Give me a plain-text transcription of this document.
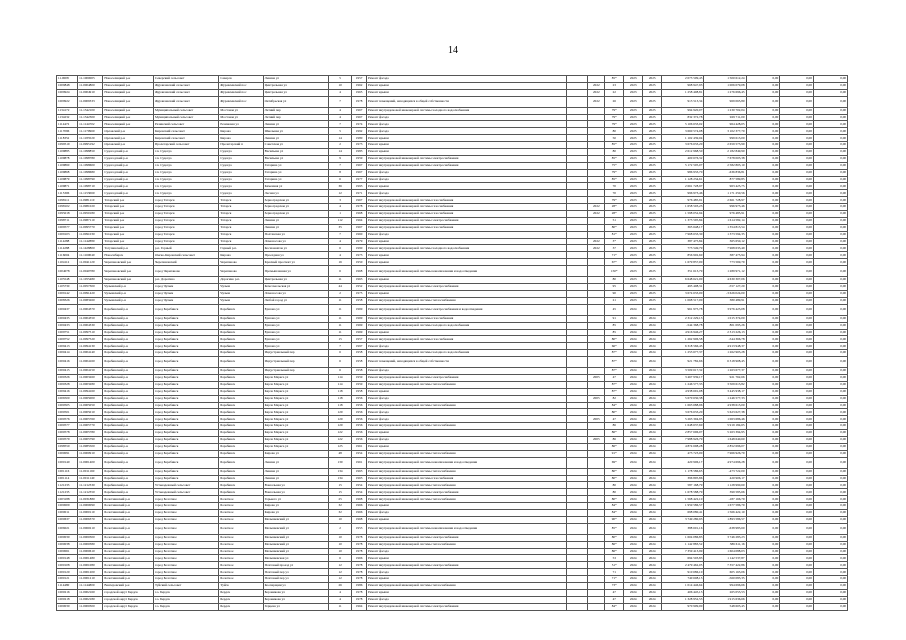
14
11.0008	11.1000005	Новоселицкий р-н	Северский сельсовет	Северск	Ленина ул	5	1957	Ремонт фасада			85*	2023	2025	2 073 509,45	1 500 612,24	0,00	0,00	0,00
1009848	11.0004800	Новоселицкий р-н	Журавлевский сельсовет	Журавлевский пос	Центральная ул	10	1962	Ремонт крыши		2022	23	2023	2025	968 947,93	1 006 079,08	0,00	0,00	0,00
1009924	11.0004910	Новоселицкий р-н	Журавлевский сельсовет	Журавлевский пос	Центральная ул	4	1965	Ремонт крыши		2022	22	2023	2025	1 258 408,81	1 276 696,45	0,00	0,00	0,00
1009922	11.0009333	Новоселицкий р-н	Журавлевский сельсовет	Журавлевский пос	Октябрьская ул	7	1978	Ремонт помещений, находящихся в общей собственности		2022	26	2023	2025	913 513,34	969 065,80	0,00	0,00	0,00
1134172	11.1342100	Новоселицкий р-н	Муниципальный сельсовет	Мостовая ул	Летний пер	4	1967	Ремонт внутридомовой инженерной системы холодного водоснабжения			79*	2023	2025	994 920,07	1 230 702,04	0,00	0,00	0,00
1134232	11.1342300	Новоселицкий р-н	Муниципальный сельсовет	Мостовая ул	Летний пер	4	1967	Ремонт фасада			79*	2023	2025	832 372,78	929 711,00	0,00	0,00	0,00
1114472	11.1144702	Новоселицкий р-н	Резинский сельсовет	Резиновая ул	Ленина ул	7	1974	Ремонт фасада			79*	2023	2025	5 106 633,02	964 428,05	0,00	0,00	0,00
1117096	11.1170960	Орловский р-н	Кировский сельсовет	Кирова	Школьная ул	5	1992	Ремонт фасада			80	2025	2025	3 660 574,08	3 102 377,70	0,00	0,00	0,00
1118352	11.1183520	Орловский р-н	Кировский сельсовет	Кирова	Ленина ул	14	1980	Ремонт крыши			50	2025	2025	1 102 439,04	999 613,00	0,00	0,00	0,00
1099519	11.0995192	Орловский р-н	Пролетарский сельсовет	Пролетарский п	Советская ул	2	1973	Ремонт крыши			85*	2023	2025	3 676 633,20	2 659 573,99	0,00	0,00	0,00
1109885	11.1098850	Судогодский р-н	г.п. Судогда	Судогда	Васильева ул	14	1983	Ремонт крыши			80	2023	2025	2 612 968,50	2 182 849,90	0,00	0,00	0,00
1109878	11.1098780	Судогодский р-н	г.п. Судогда	Судогда	Васильева ул	9	1959	Ремонт внутридомовой инженерной системы электроснабжения			85*	2023	2025	400 676,32	7 678 003,38	0,00	0,00	0,00
1109860	11.1098600	Судогодский р-н	г.п. Судогда	Судогда	Гагарина ул	7	1967	Ремонт внутридомовой инженерной системы электроснабжения			75*	2023	2025	5 172 505,07	2 582 803,10	0,00	0,00	0,00
1109868	11.1098680	Судогодский р-н	г.п. Судогда	Судогда	Гагарина ул	8	1967	Ремонт фасада			79*	2023	2025	986 933,70	-636 836,81	0,00	0,00	0,00
1109879	11.1098790	Судогодский р-н	г.п. Судогда	Судогда	Гагарина ул	6	1977	Ремонт фасада			85*	2023	2025	1 128 234,61	877 589,85	0,00	0,00	0,00
1109871	11.1098710	Судогодский р-н	г.п. Судогда	Судогда	Каменная ул	36	1993	Ремонт крыши			70	2023	2025	2 661 728,97	963 425,75	0,00	0,00	0,00
1115306	11.1153060	Судогодский р-н	г.п. Судогда	Судогда	Лесная ул	12	1971	Ремонт фасада			70	2023	2025	996 973,46	1 171 250,56	0,00	0,00	0,00
1098111	11.0981110	Татарский р-н	город Татарск	Татарск	Зерноградская ул	3	1967	Ремонт внутридомовой инженерной системы газоснабжения			79*	2023	2025	976 485,91	2 661 728,97	0,00	0,00	0,00
1098102	11.0981020	Татарский р-н	город Татарск	Татарск	Зерноградская ул	4	1978	Ремонт внутридомовой инженерной системы газоснабжения		2022	28*	2023	2025	1 658 503,23	996 973,46	0,00	0,00	0,00
1095018	11.0950180	Татарский р-н	город Татарск	Татарск	Зерноградская ул	1	1968	Ремонт внутридомовой инженерной системы газоснабжения		2022	28*	2023	2025	1 598 052,94	976 485,91	0,00	0,00	0,00
1098711	11.0987110	Татарский р-н	город Татарск	Татарск	Ленина ул	112	1964	Ремонт внутридомовой инженерной системы электроснабжения			51	2023	2025	1 373 595,84	1 614 582,14	0,00	0,00	0,00
1009577	11.0095770	Татарский р-н	город Татарск	Татарск	Ленина ул	35	1967	Ремонт внутридомовой инженерной системы газоснабжения			80*	2023	2025	365 648,17	1 354 813,54	0,00	0,00	0,00
1009103	11.0091030	Татарский р-н	город Татарск	Татарск	Полтавская ул	7	1960	Ремонт фасада			81*	2023	2025	7 968 633,30	1 373 594,35	0,00	0,00	0,00
1114288	11.1142880	Татарский р-н	город Татарск	Татарск	Ломоносова ул	4	1979	Ремонт крыши		2022	3*	2023	2025	387 475,84	365 650,12	0,00	0,00	0,00
1114288	11.1428800	Тогучинский р-н	р.п. Горный	Горный р.п.	Космонавтов ул	6	1990	Ремонт внутридомовой инженерной системы холодного водоснабжения		2022	37	2023	2025	773 549,79	7 968 633,49	0,00	0,00	0,00
1116004	11.1160040	Новосибирск	Омско-Кировский сельсовет	Кирова	Проездная ул	4	1973	Ремонт крыши			71*	2023	2025	856 902,60	387 475,94	0,00	0,00	0,00
1104112	11.0041120	Черепановский р-н	Черепановский	Черепаново	Красный проспект ул	16	1950	Ремонт крыши			67*	2023	2025	1 679 857,00	773 569,79	0,00	0,00	0,00
1004078	11.0040780	Черепановский р-н	город Черепаново	Черепаново	Промышленная ул	6	1968	Ремонт внутридомовой инженерной системы канализования и водоотведения			150*	2023	2025	351 613,79	1 289 971,12	0,00	0,00	0,00
1105548	11.1055480	Черепановский р-н	р.п. Дорогино	Дорогино р.п.	Центральная ул	11	1963	Ремонт крыши			80	2023	2025	6 648 621,00	4 630 307,06	0,00	0,00	0,00
1105730	11.0057300	Чулымский р-н	город Чулым	Чулым	Комсомольская ул	44	1952	Ремонт внутридомовой инженерной системы электроснабжения			95	2023	2025	495 408,31	-557 127,20	0,00	0,00	0,00
1009142	11.0091420	Чулымский р-н	город Чулым	Чулым	Ломоносова ул	2	1975	Ремонт крыши			90	2023	2025	3 674 633,00	-3 626 024,00	0,00	0,00	0,00
1008326	11.0083260	Чулымский р-н	город Чулым	Чулым	Любой город ул	11	1958	Ремонт внутридомовой инженерной системы теплоснабжения			21	2023	2025	1 068 517,00	380 489,91	0,00	0,00	0,00
1000437	11.0004370	Барабинский р-н	город Барабинск	Барабинск	Ершова ул	11	1969	Ремонт внутридомовой инженерной системы электроснабжения и водоотведения			45	2024	2024	961 975,78	3 976 423,08	0,00	0,00	0,00
1000435	11.0004350	Барабинский р-н	город Барабинск	Барабинск	Ершова ул	11	1969	Ремонт внутридомовой инженерной системы газоснабжения			91	2024	2024	2 312 229,13	1 015 374,00	0,00	0,00	0,00
1000433	11.0004330	Барабинский р-н	город Барабинск	Барабинск	Ершова ул	11	1969	Ремонт внутридомовой инженерной системы холодного водоснабжения			85	2024	2024	-544 368,78	801 095,26	0,00	0,00	0,00
1009751	11.0097510	Барабинский р-н	город Барабинск	Барабинск	Ершова ул	11	1969	Ремонт крыши			85	2024	2024	4 916 946,27	2 313 226,13	0,00	0,00	0,00
1009752	11.0097520	Барабинский р-н	город Барабинск	Барабинск	Ершова ул	15	1957	Ремонт внутридомовой инженерной системы газоснабжения			80*	2024	2024	1 262 906,58	-544 366,78	0,00	0,00	0,00
1009413	11.0094130	Барабинский р-н	город Барабинск	Барабинск	Ершова ул	7	1997	Ремонт фасада			66*	2024	2024	6 318 566,45	4 913 948,37	0,00	0,00	0,00
1000414	11.0004140	Барабинский р-н	город Барабинск	Барабинск	Индустриальный пер	6	1958	Ремонт внутридомовой инженерной системы холодного водоснабжения			87*	2024	2024	1 253 677,37	1 262 903,28	0,00	0,00	0,00
1000416	11.0004160	Барабинский р-н	город Барабинск	Барабинск	Индустриальный пер	6	1958	Ремонт помещений, находящихся в общей собственности			87*	2024	2024	921 782,66	6 318 908,45	0,00	0,00	0,00
1000415	11.0004150	Барабинский р-н	город Барабинск	Барабинск	Индустриальный пер	6	1958	Ремонт фасада			87*	2024	2024	3 509 617,32	1 263 677,37	0,00	0,00	0,00
1000326	11.0003260	Барабинский р-н	город Барабинск	Барабинск	Карла Маркса ул	114	1959	Ремонт внутридомовой инженерной системы электроснабжения		2005	47	2024	2024	3 467 939,17	921 762,66	0,00	0,00	0,00
1000328	11.0003280	Барабинский р-н	город Барабинск	Барабинск	Карла Маркса ул	114	1959	Ремонт внутридомовой инженерной системы теплоснабжения			87*	2024	2024	1 246 577,33	3 509 613,82	0,00	0,00	0,00
1009416	11.0094160	Барабинский р-н	город Барабинск	Барабинск	Карла Маркса ул	118	1958	Ремонт крыши			87*	2024	2024	4 938 691,08	3 445 938,17	0,00	0,00	0,00
1006500	11.0065000	Барабинский р-н	город Барабинск	Барабинск	Карла Маркса ул	118	1956	Ремонт фасада		2005	82	2024	2024	5 670 630,38	1 246 577,33	0,00	0,00	0,00
1000505	11.0005050	Барабинский р-н	город Барабинск	Барабинск	Карла Маркса ул	118	1956	Ремонт внутридомовой инженерной системы теплоснабжения			84*	2024	2024	1 663 688,96	4 938 613,00	0,00	0,00	0,00
1000501	11.0005010	Барабинский р-н	город Барабинск	Барабинск	Карла Маркса ул	120	1956	Ремонт фасада			80*	2024	2024	3 676 633,20	5 623 627,38	0,00	0,00	0,00
1000576	11.0005760	Барабинский р-н	город Барабинск	Барабинск	Карла Маркса ул	120	1956	Ремонт фасада		2005	47	2024	2024	5 263 394,95	1 063 686,46	0,00	0,00	0,00
1000577	11.0005770	Барабинский р-н	город Барабинск	Барабинск	Карла Маркса ул	120	1956	Ремонт внутридомовой инженерной системы теплоснабжения			86	2024	2024	1 648 637,60	5 919 184,65	0,00	0,00	0,00
1000578	11.0005780	Барабинский р-н	город Барабинск	Барабинск	Карла Маркса ул	122	1956	Ремонт крыши			86*	2024	2024	2 857 696,07	5 263 394,95	0,00	0,00	0,00
1000579	11.0005790	Барабинский р-н	город Барабинск	Барабинск	Карла Маркса ул	122	1956	Ремонт фасада		2005	86	2024	2024	7 988 926,79	1 648 640,60	0,00	0,00	0,00
1098550	11.0985500	Барабинский р-н	город Барабинск	Барабинск	Карла Маркса ул	125	1961	Ремонт крыши			86*	2024	2024	4 874 698,28	2 852 696,07	0,00	0,00	0,00
1000091	11.0000910	Барабинский р-н	город Барабинск	Барабинск	Кирова ул	48	1954	Ремонт внутридомовой инженерной системы теплоснабжения			91*	2024	2024	473 723,00	7 966 926,79	0,00	0,00	0,00
1000140	11.0001400	Барабинский р-н	город Барабинск	Барабинск	Ленина ул	130	1961	Ремонт внутридомовой инженерной системы канализования и водоотведения			69*	2024	2024	420 906,17	4 974 696,28	0,00	0,00	0,00
1001116	11.0011160	Барабинский р-н	город Барабинск	Барабинск	Ленина ул	134	1963	Ремонт внутридомовой инженерной системы теплоснабжения			80*	2024	2024	1 178 586,65	-473 722,00	0,00	0,00	0,00
1001114	11.0011140	Барабинский р-н	город Барабинск	Барабинск	Ленина ул	134	1963	Ремонт внутридомовой инженерной системы газоснабжения			80*	2024	2024	396 895,86	420 906,17	0,00	0,00	0,00
1121233	11.1212330	Барабинский р-н	Устьнадежный сельсовет	Барабинск	Вокзальная ул	15	1954	Ремонт внутридомовой инженерной системы теплоснабжения			80	2024	2024	587 168,79	1 128 990,60	0,00	0,00	0,00
1121235	11.1212350	Барабинский р-н	Устьнадежный сельсовет	Барабинск	Вокзальная ул	15	1954	Ремонт внутридомовой инженерной системы электроснабжения			80	2024	2024	1 678 588,79	399 585,66	0,00	0,00	0,00
1003188	11.0031880	Болотнинский р-н	город Болотное	Болотное	Горького ул	25	1968	Ремонт внутридомовой инженерной системы теплоснабжения			80*	2024	2024	1 568 422,10	-187 166,79	0,00	0,00	0,00
1000009	11.0000090	Болотнинский р-н	город Болотное	Болотное	Кирова ул	32	1966	Ремонт крыши			84*	2024	2024	1 959 586,57	1 677 586,79	0,00	0,00	0,00
1000011	11.0000110	Болотнинский р-н	город Болотное	Болотное	Кирова ул	32	1966	Ремонт фасада			84*	2024	2024	698 080,41	1 566 422,10	0,00	0,00	0,00
1000637	11.0006370	Болотнинский р-н	город Болотное	Болотное	Мелышевский ул	10	1968	Ремонт крыши			90*	2024	2024	3 749 280,93	1 893 586,57	0,00	0,00	0,00
1006021	11.0060210	Болотнинский р-н	город Болотное	Болотное	Мелышевский ул	2	1953	Ремонт внутридомовой инженерной системы канализования и водоотведения			85*	2024	2024	388 601,16	-638 983,60	0,00	0,00	0,00
1000030	11.0000300	Болотнинский р-н	город Болотное	Болотное	Мелышевский ул	10	1978	Ремонт внутридомовой инженерной системы электроснабжения			80*	2024	2024	1 604 086,83	3 746 283,23	0,00	0,00	0,00
1000038	11.0000380	Болотнинский р-н	город Болотное	Болотное	Мелышевский ул	10	1978	Ремонт внутридомовой инженерной системы теплоснабжения			86*	2024	2024	1 142 883,52	386 611,16	0,00	0,00	0,00
1000061	11.0000610	Болотнинский р-н	город Болотное	Болотное	Мелышевский ул	10	1978	Ремонт фасада			86*	2024	2024	7 359 413,99	1 604 088,03	0,00	0,00	0,00
1000148	11.0001480	Болотнинский р-н	город Болотное	Болотное	Мелышевская ул	6	1966	Ремонт крыши			53	2024	2024	694 503,83	1 142 537,87	0,00	0,00	0,00
1000108	11.0001080	Болотнинский р-н	город Болотное	Болотное	Почтовый проезд ул	12	1978	Ремонт внутридомовой инженерной системы электроснабжения			51*	2024	2024	2 479 462,05	7 357 422,86	0,00	0,00	0,00
1000120	11.0001200	Болотнинский р-н	город Болотное	Болотное	Почтовый пер ул	12	1978	Ремонт фасада			71	2024	2024	910 686,10	605 163,06	0,00	0,00	0,00
1000121	11.0001210	Болотнинский р-н	город Болотное	Болотное	Почтовый пер ул	12	1978	Ремонт крыши			71*	2024	2024	740 608,15	-560 083,35	0,00	0,00	0,00
1114480	11.1144800	Венгеровский р-н	Туйский сельсовет	Туйск	Кооперации ул	26	1986	Ремонт внутридомовой инженерной системы теплоснабжения			73*	2024	2024	1 014 446,64	994 696,66	0,00	0,00	0,00
1000216	11.0002160	городской округ Бердск	г.о. Бердск	Бердск	Боровикова ул	4	1978	Ремонт крыши			47	2024	2024	406 445,13	265 053,53	0,00	0,00	0,00
1000218	11.0002180	городской округ Бердск	г.о. Бердск	Бердск	Боровикова ул	4	1978	Ремонт фасада			47	2024	2024	1 328 952,53	1 915 636,66	0,00	0,00	0,00
1000030	11.0000300	городской округ Бердск	г.о. Бердск	Бердск	Герцена ул	11	1964	Ремонт внутридомовой инженерной системы электроснабжения			84*	2024	2024	970 909,00	548 603,45	0,00	0,00	0,00
